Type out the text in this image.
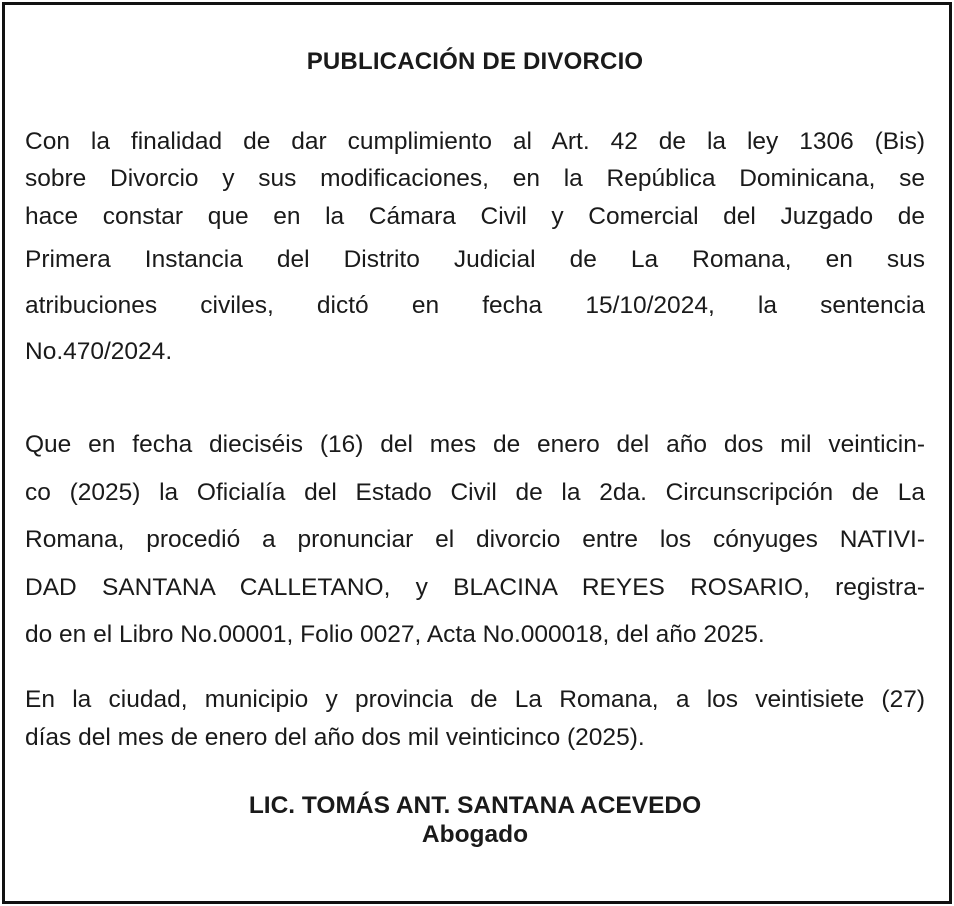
PUBLICACIÓN DE DIVORCIO
Con la finalidad de dar cumplimiento al Art. 42 de la ley 1306 (Bis)
sobre Divorcio y sus modificaciones, en la República Dominicana, se
hace constar que en la Cámara Civil y Comercial del Juzgado de
Primera Instancia del Distrito Judicial de La Romana, en sus
atribuciones civiles, dictó en fecha 15/10/2024, la sentencia
No.470/2024.
Que en fecha dieciséis (16) del mes de enero del año dos mil veinticin-
co (2025) la Oficialía del Estado Civil de la 2da. Circunscripción de La
Romana, procedió a pronunciar el divorcio entre los cónyuges NATIVI-
DAD SANTANA CALLETANO, y BLACINA REYES ROSARIO, registra-
do en el Libro No.00001, Folio 0027, Acta No.000018, del año 2025.
En la ciudad, municipio y provincia de La Romana, a los veintisiete (27)
días del mes de enero del año dos mil veinticinco (2025).
LIC. TOMÁS ANT. SANTANA ACEVEDO
Abogado
